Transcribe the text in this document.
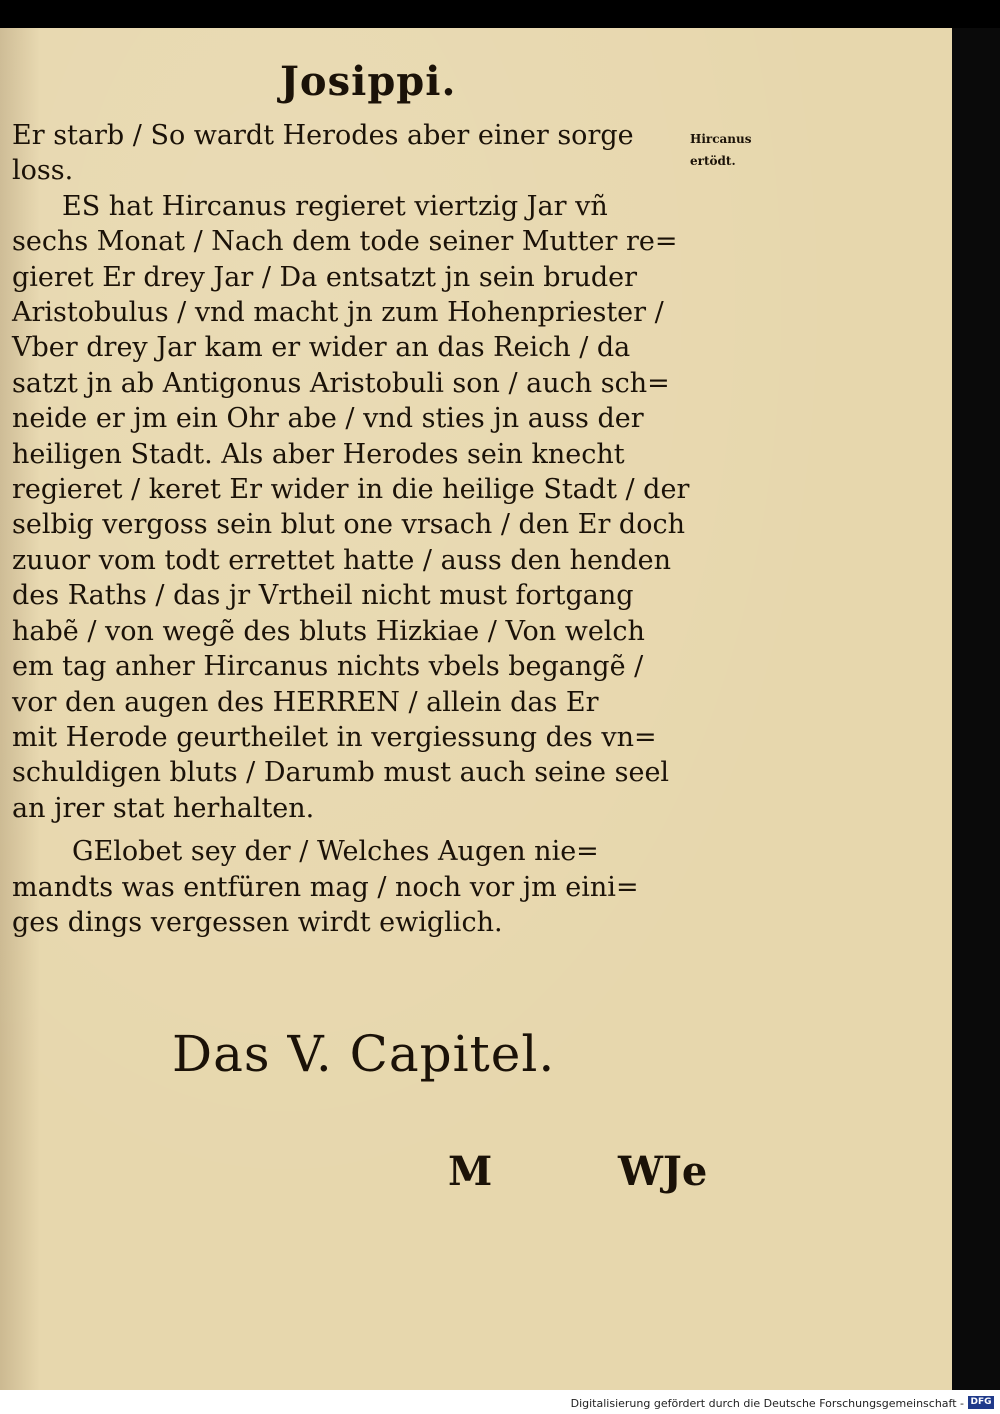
Josippi.
Hircanus
ertödt.
Er starb / So wardt Herodes aber einer sorge
loss.
ES hat Hircanus regieret viertzig Jar vñ
sechs Monat / Nach dem tode seiner Mutter re=
gieret Er drey Jar / Da entsatzt jn sein bruder
Aristobulus / vnd macht jn zum Hohenpriester /
Vber drey Jar kam er wider an das Reich / da
satzt jn ab Antigonus Aristobuli son / auch sch=
neide er jm ein Ohr abe / vnd sties jn auss der
heiligen Stadt. Als aber Herodes sein knecht
regieret / keret Er wider in die heilige Stadt / der
selbig vergoss sein blut one vrsach / den Er doch
zuuor vom todt errettet hatte / auss den henden
des Raths / das jr Vrtheil nicht must fortgang
habẽ / von wegẽ des bluts Hizkiae / Von welch
em tag anher Hircanus nichts vbels begangẽ /
vor den augen des HERREN / allein das Er
mit Herode geurtheilet in vergiessung des vn=
schuldigen bluts / Darumb must auch seine seel
an jrer stat herhalten.
GElobet sey der / Welches Augen nie=
mandts was entfüren mag / noch vor jm eini=
ges dings vergessen wirdt ewiglich.
Das V. Capitel.
M	WJe
Digitalisierung gefördert durch die Deutsche Forschungsgemeinschaft - DFG
